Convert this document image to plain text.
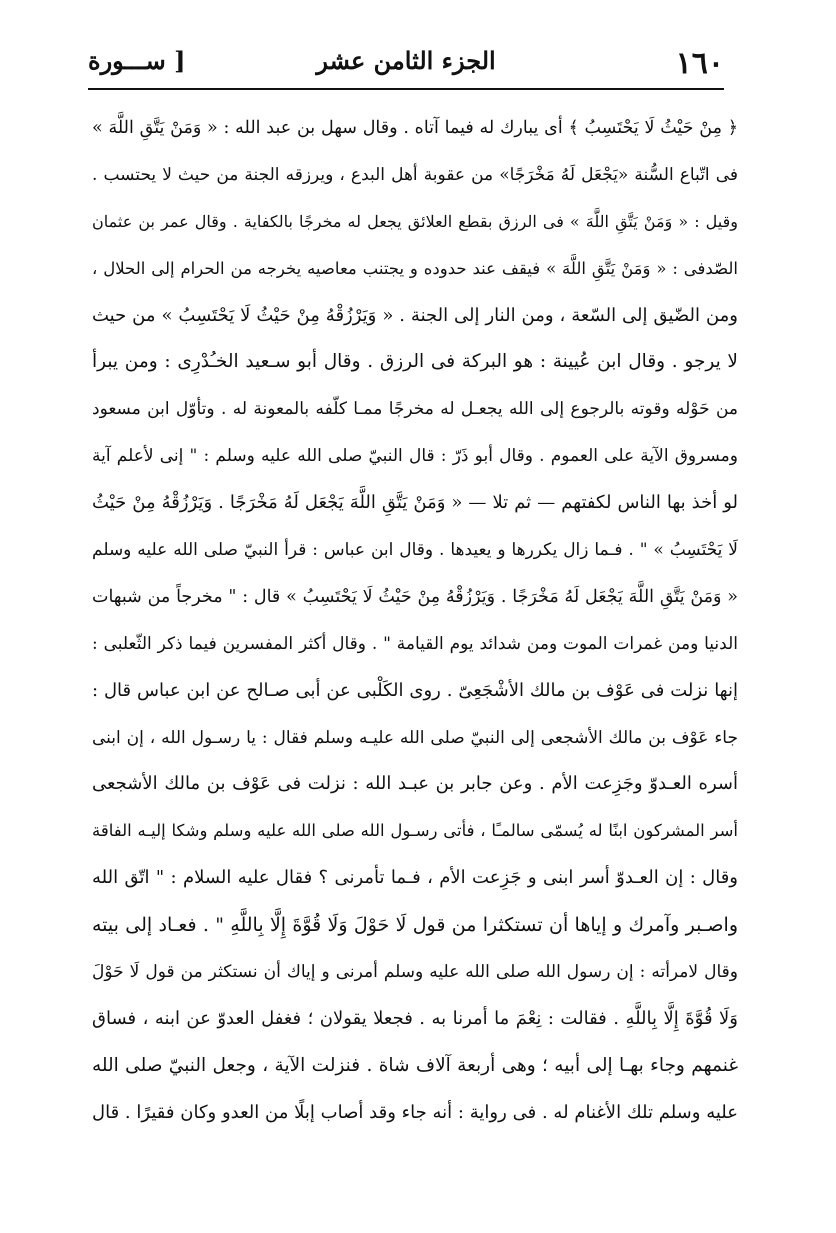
١٦٠
الجزء الثامن عشر
[ ســـورة
﴿ مِنْ حَيْثُ لَا يَحْتَسِبُ ﴾ أى يبارك له فيما آتاه . وقال سهل بن عبد الله : « وَمَنْ يَتَّقِ اللَّهَ »
فى اتّباع السُّنة «يَجْعَل لَهُ مَخْرَجًا» من عقوبة أهل البدع ، ويرزقه الجنة من حيث لا يحتسب .
وقيل : « وَمَنْ يَتَّقِ اللَّهَ » فى الرزق بقطع العلائق يجعل له مخرجًا بالكفاية . وقال عمر بن عثمان
الصّدفى : « وَمَنْ يَتَّقِ اللَّهَ » فيقف عند حدوده و يجتنب معاصيه يخرجه من الحرام إلى الحلال ،
ومن الضّيق إلى السّعة ، ومن النار إلى الجنة . « وَيَرْزُقْهُ مِنْ حَيْثُ لَا يَحْتَسِبُ » من حيث
لا يرجو . وقال ابن عُيينة : هو البركة فى الرزق . وقال أبو سـعيد الخـُدْرِى : ومن يبرأ
من حَوْله وقوته بالرجوع إلى الله يجعـل له مخرجًا ممـا كلّفه بالمعونة له . وتأوّل ابن مسعود
ومسروق الآية على العموم . وقال أبو ذَرّ : قال النبيّ صلى الله عليه وسلم : " إنى لأعلم آية
لو أخذ بها الناس لكفتهم — ثم تلا — « وَمَنْ يَتَّقِ اللَّهَ يَجْعَل لَهُ مَخْرَجًا . وَيَرْزُقْهُ مِنْ حَيْثُ
لَا يَحْتَسِبُ » " . فـما زال يكررها و يعيدها . وقال ابن عباس : قرأ النبيّ صلى الله عليه وسلم
« وَمَنْ يَتَّقِ اللَّهَ يَجْعَل لَهُ مَخْرَجًا . وَيَرْزُقْهُ مِنْ حَيْثُ لَا يَحْتَسِبُ » قال : " مخرجاً من شبهات
الدنيا ومن غمرات الموت ومن شدائد يوم القيامة " . وقال أكثر المفسرين فيما ذكر الثّعلبى :
إنها نزلت فى عَوْف بن مالك الأشْجَعِىّ . روى الكَلْبى عن أبى صـالح عن ابن عباس قال :
جاء عَوْف بن مالك الأشجعى إلى النبيّ صلى الله عليـه وسلم فقال : يا رسـول الله ، إن ابنى
أسره العـدوّ وجَزِعت الأم . وعن جابر بن عبـد الله : نزلت فى عَوْف بن مالك الأشجعى
أسر المشركون ابنًا له يُسمّى سالمـًا ، فأتى رسـول الله صلى الله عليه وسلم وشكا إليـه الفاقة
وقال : إن العـدوّ أسر ابنى و جَزِعت الأم ، فـما تأمرنى ؟ فقال عليه السلام : " اتّق الله
واصـبر وآمرك و إياها أن تستكثرا من قول لَا حَوْلَ وَلَا قُوَّةَ إِلَّا بِاللَّهِ " . فعـاد إلى بيته
وقال لامرأته : إن رسول الله صلى الله عليه وسلم أمرنى و إياك أن نستكثر من قول لَا حَوْلَ
وَلَا قُوَّةَ إِلَّا بِاللَّهِ . فقالت : نِعْمَ ما أمرنا به . فجعلا يقولان ؛ فغفل العدوّ عن ابنه ، فساق
غنمهم وجاء بهـا إلى أبيه ؛ وهى أربعة آلاف شاة . فنزلت الآية ، وجعل النبيّ صلى الله
عليه وسلم تلك الأغنام له . فى رواية : أنه جاء وقد أصاب إبلًا من العدو وكان فقيرًا . قال
